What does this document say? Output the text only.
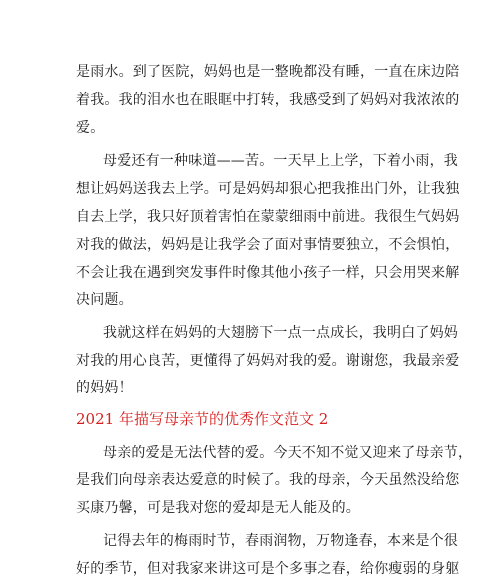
是雨水。到了医院，妈妈也是一整晚都没有睡，一直在床边陪
着我。我的泪水也在眼眶中打转，我感受到了妈妈对我浓浓的
爱。
母爱还有一种味道——苦。一天早上上学，下着小雨，我
想让妈妈送我去上学。可是妈妈却狠心把我推出门外，让我独
自去上学，我只好顶着害怕在蒙蒙细雨中前进。我很生气妈妈
对我的做法，妈妈是让我学会了面对事情要独立，不会惧怕，
不会让我在遇到突发事件时像其他小孩子一样，只会用哭来解
决问题。
我就这样在妈妈的大翅膀下一点一点成长，我明白了妈妈
对我的用心良苦，更懂得了妈妈对我的爱。谢谢您，我最亲爱
的妈妈！
2021 年描写母亲节的优秀作文范文 2
母亲的爱是无法代替的爱。今天不知不觉又迎来了母亲节，
是我们向母亲表达爱意的时候了。我的母亲，今天虽然没给您
买康乃馨，可是我对您的爱却是无人能及的。
记得去年的梅雨时节，春雨润物，万物逢春，本来是个很
好的季节，但对我家来讲这可是个多事之春，给你瘦弱的身躯
